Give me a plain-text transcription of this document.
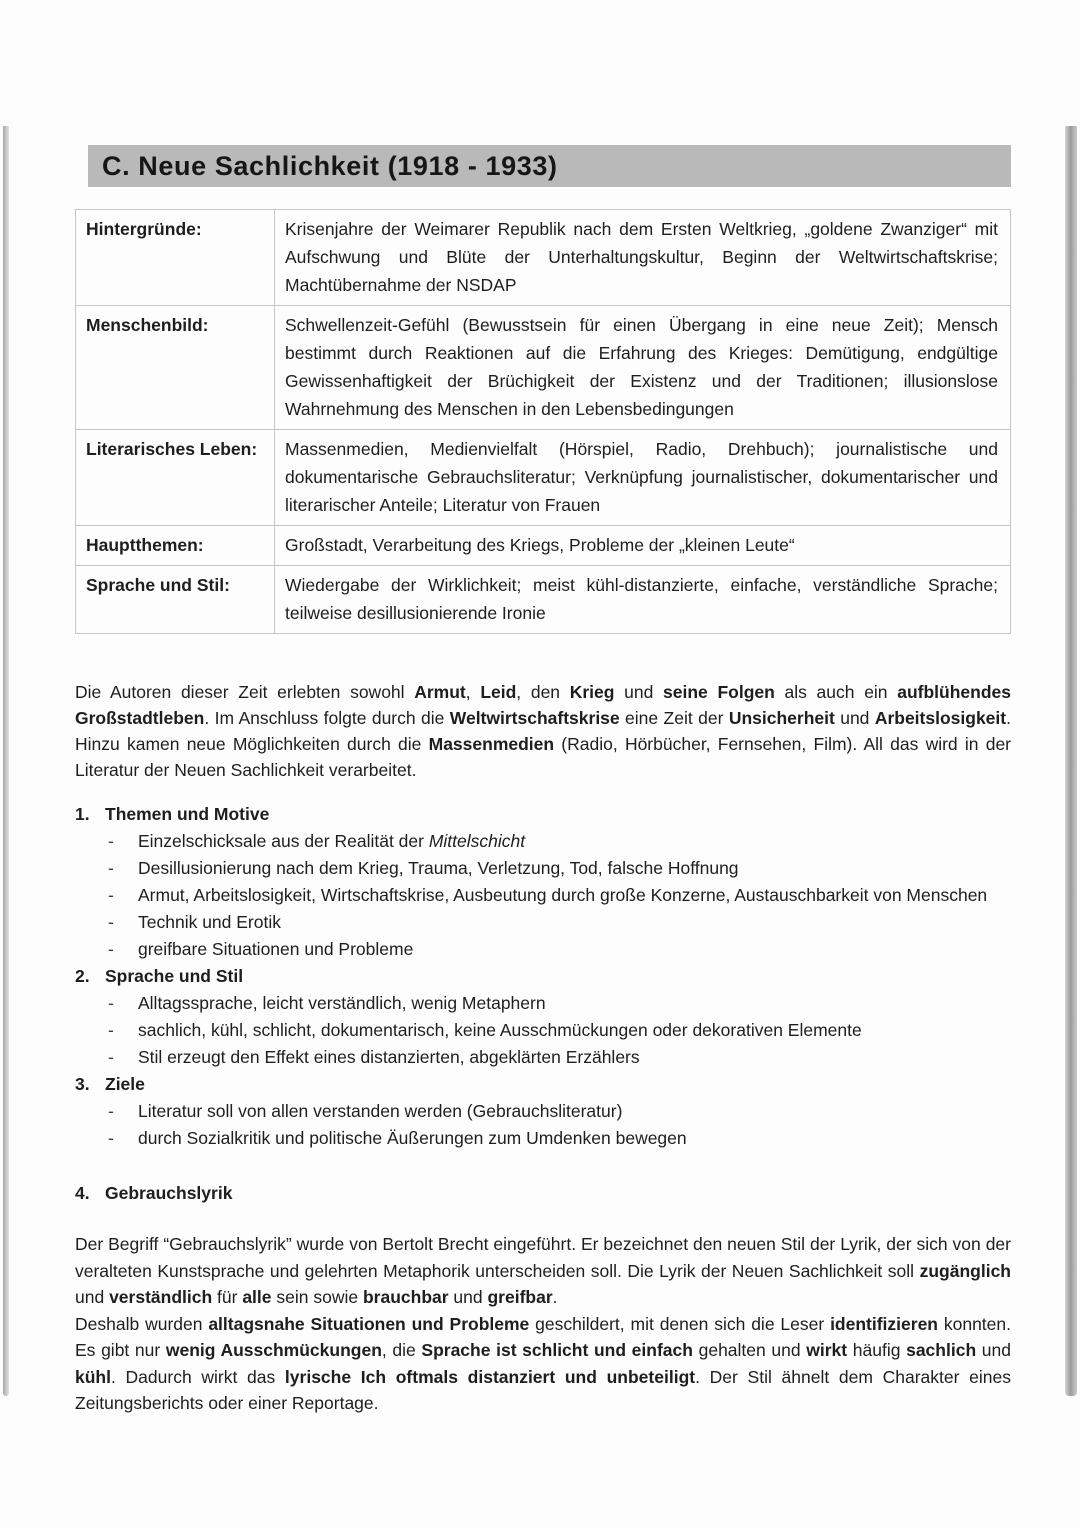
C. Neue Sachlichkeit (1918 - 1933)
Hintergründe:	Krisenjahre der Weimarer Republik nach dem Ersten Weltkrieg, „goldene Zwanziger“ mit Aufschwung und Blüte der Unterhaltungskultur, Beginn der Weltwirtschaftskrise; Machtübernahme der NSDAP
Menschenbild:	Schwellenzeit-Gefühl (Bewusstsein für einen Übergang in eine neue Zeit); Mensch bestimmt durch Reaktionen auf die Erfahrung des Krieges: Demütigung, endgültige Gewissenhaftigkeit der Brüchigkeit der Existenz und der Traditionen; illusionslose Wahrnehmung des Menschen in den Lebensbedingungen
Literarisches Leben:	Massenmedien, Medienvielfalt (Hörspiel, Radio, Drehbuch); journalistische und dokumentarische Gebrauchsliteratur; Verknüpfung journalistischer, dokumentarischer und literarischer Anteile; Literatur von Frauen
Hauptthemen:	Großstadt, Verarbeitung des Kriegs, Probleme der „kleinen Leute“
Sprache und Stil:	Wiedergabe der Wirklichkeit; meist kühl-distanzierte, einfache, verständliche Sprache; teilweise desillusionierende Ironie

Die Autoren dieser Zeit erlebten sowohl Armut, Leid, den Krieg und seine Folgen als auch ein aufblühendes Großstadtleben. Im Anschluss folgte durch die Weltwirtschaftskrise eine Zeit der Unsicherheit und Arbeitslosigkeit. Hinzu kamen neue Möglichkeiten durch die Massenmedien (Radio, Hörbücher, Fernsehen, Film). All das wird in der Literatur der Neuen Sachlichkeit verarbeitet.

1. Themen und Motive
-	Einzelschicksale aus der Realität der Mittelschicht
-	Desillusionierung nach dem Krieg, Trauma, Verletzung, Tod, falsche Hoffnung
-	Armut, Arbeitslosigkeit, Wirtschaftskrise, Ausbeutung durch große Konzerne, Austauschbarkeit von Menschen
-	Technik und Erotik
-	greifbare Situationen und Probleme
2. Sprache und Stil
-	Alltagssprache, leicht verständlich, wenig Metaphern
-	sachlich, kühl, schlicht, dokumentarisch, keine Ausschmückungen oder dekorativen Elemente
-	Stil erzeugt den Effekt eines distanzierten, abgeklärten Erzählers
3. Ziele
-	Literatur soll von allen verstanden werden (Gebrauchsliteratur)
-	durch Sozialkritik und politische Äußerungen zum Umdenken bewegen
4. Gebrauchslyrik

Der Begriff “Gebrauchslyrik” wurde von Bertolt Brecht eingeführt. Er bezeichnet den neuen Stil der Lyrik, der sich von der veralteten Kunstsprache und gelehrten Metaphorik unterscheiden soll. Die Lyrik der Neuen Sachlichkeit soll zugänglich und verständlich für alle sein sowie brauchbar und greifbar.

Deshalb wurden alltagsnahe Situationen und Probleme geschildert, mit denen sich die Leser identifizieren konnten. Es gibt nur wenig Ausschmückungen, die Sprache ist schlicht und einfach gehalten und wirkt häufig sachlich und kühl. Dadurch wirkt das lyrische Ich oftmals distanziert und unbeteiligt. Der Stil ähnelt dem Charakter eines Zeitungsberichts oder einer Reportage.
